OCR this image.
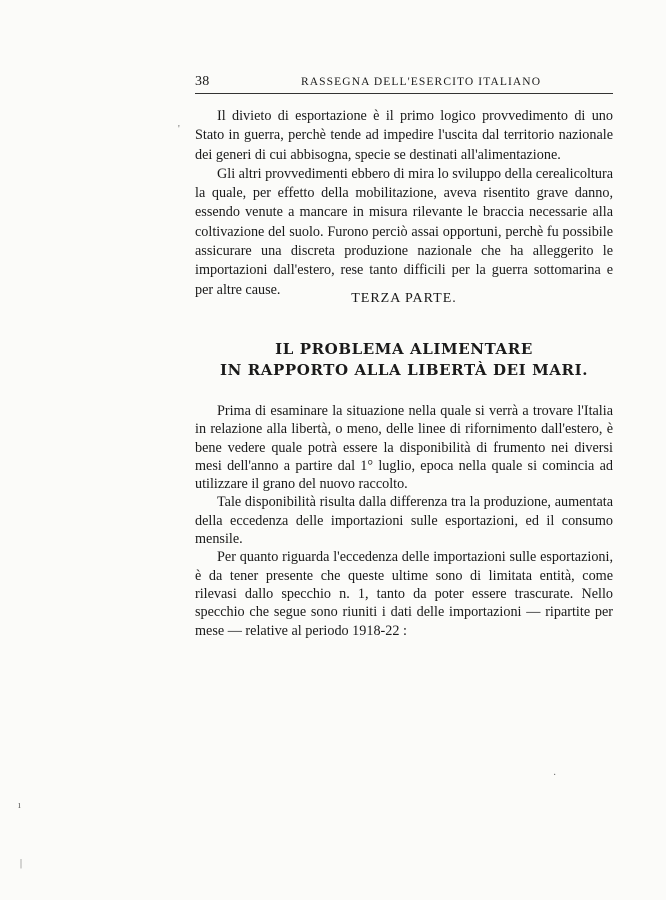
38	RASSEGNA DELL'ESERCITO ITALIANO

Il divieto di esportazione è il primo logico provvedimento di uno Stato in guerra, perchè tende ad impedire l'uscita dal territorio nazionale dei generi di cui abbisogna, specie se destinati all'alimentazione.

Gli altri provvedimenti ebbero di mira lo sviluppo della cerealicoltura la quale, per effetto della mobilitazione, aveva risentito grave danno, essendo venute a mancare in misura rilevante le braccia necessarie alla coltivazione del suolo. Furono perciò assai opportuni, perchè fu possibile assicurare una discreta produzione nazionale che ha alleggerito le importazioni dall'estero, rese tanto difficili per la guerra sottomarina e per altre cause.

TERZA PARTE.
IL PROBLEMA ALIMENTARE
IN RAPPORTO ALLA LIBERTÀ DEI MARI.

Prima di esaminare la situazione nella quale si verrà a trovare l'Italia in relazione alla libertà, o meno, delle linee di rifornimento dall'estero, è bene vedere quale potrà essere la disponibilità di frumento nei diversi mesi dell'anno a partire dal 1° luglio, epoca nella quale si comincia ad utilizzare il grano del nuovo raccolto.

Tale disponibilità risulta dalla differenza tra la produzione, aumentata della eccedenza delle importazioni sulle esportazioni, ed il consumo mensile.

Per quanto riguarda l'eccedenza delle importazioni sulle esportazioni, è da tener presente che queste ultime sono di limitata entità, come rilevasi dallo specchio n. 1, tanto da poter essere trascurate. Nello specchio che segue sono riuniti i dati delle importazioni — ripartite per mese — relative al periodo 1918-22 :

'
·
ı
|
